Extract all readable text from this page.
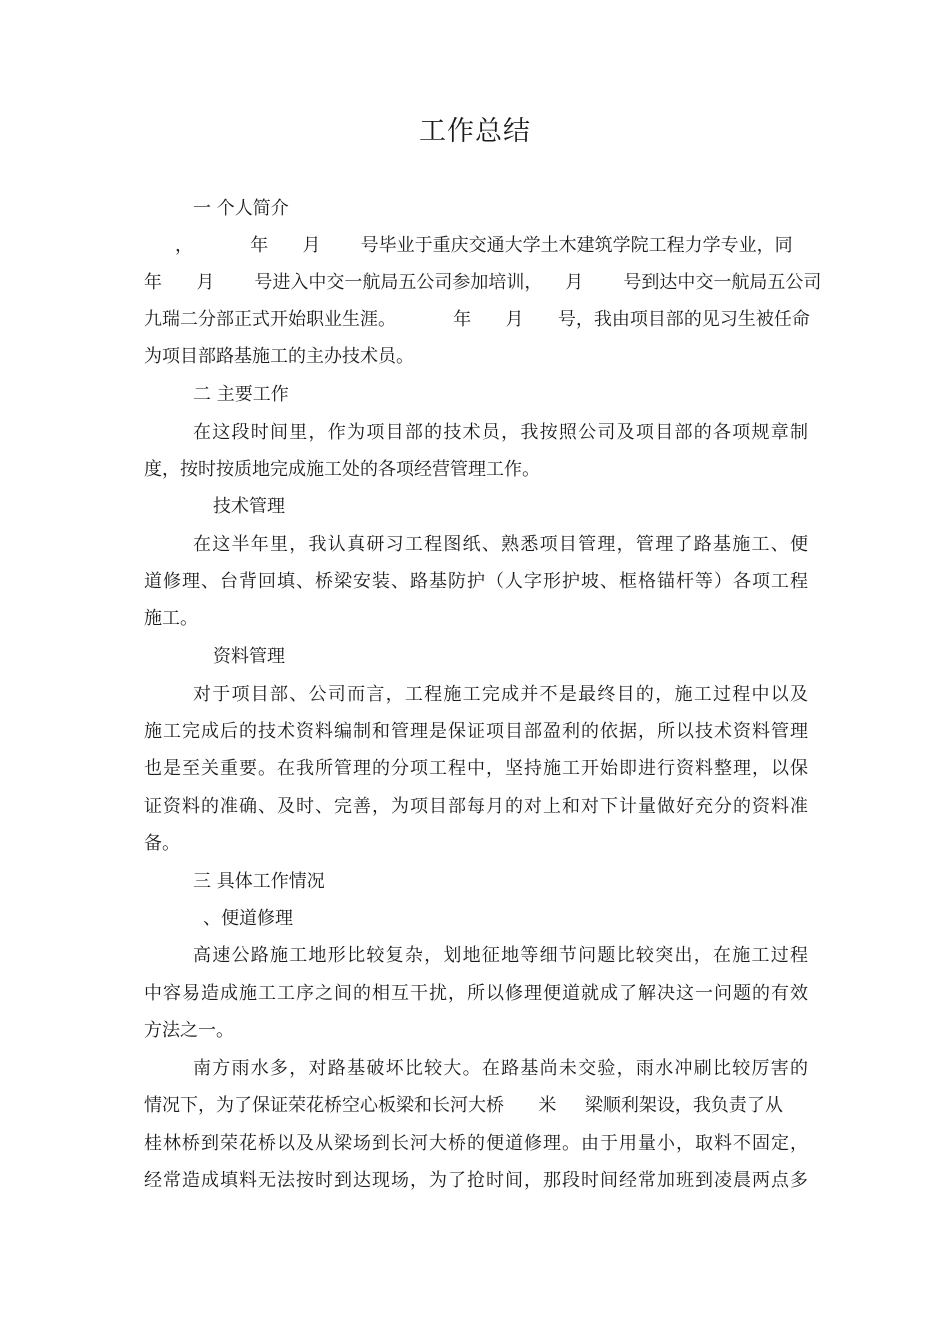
工作总结
一 个人简介
，          年      月       号毕业于重庆交通大学土木建筑学院工程力学专业，同
年      月       号进入中交一航局五公司参加培训，    月       号到达中交一航局五公司
九瑞二分部正式开始职业生涯。          年      月      号，我由项目部的见习生被任命
为项目部路基施工的主办技术员。
二 主要工作
在这段时间里，作为项目部的技术员，我按照公司及项目部的各项规章制
度，按时按质地完成施工处的各项经营管理工作。
技术管理
在这半年里，我认真研习工程图纸、熟悉项目管理，管理了路基施工、便
道修理、台背回填、桥梁安装、路基防护（人字形护坡、框格锚杆等）各项工程
施工。
资料管理
对于项目部、公司而言，工程施工完成并不是最终目的，施工过程中以及
施工完成后的技术资料编制和管理是保证项目部盈利的依据，所以技术资料管理
也是至关重要。在我所管理的分项工程中，坚持施工开始即进行资料整理，以保
证资料的准确、及时、完善，为项目部每月的对上和对下计量做好充分的资料准
备。
三 具体工作情况
、便道修理
高速公路施工地形比较复杂，划地征地等细节问题比较突出，在施工过程
中容易造成施工工序之间的相互干扰，所以修理便道就成了解决这一问题的有效
方法之一。
南方雨水多，对路基破坏比较大。在路基尚未交验，雨水冲刷比较厉害的
情况下，为了保证荣花桥空心板梁和长河大桥      米     梁顺利架设，我负责了从
桂林桥到荣花桥以及从梁场到长河大桥的便道修理。由于用量小，取料不固定，
经常造成填料无法按时到达现场，为了抢时间，那段时间经常加班到凌晨两点多
